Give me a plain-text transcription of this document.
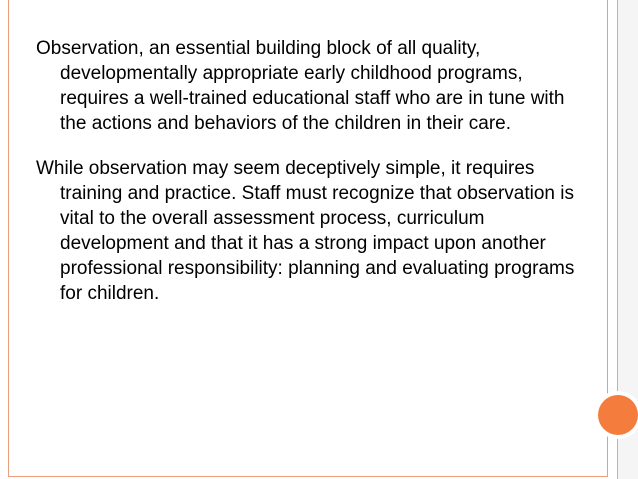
Observation, an essential building block of all quality, developmentally appropriate early childhood programs, requires a well-trained educational staff who are in tune with the actions and behaviors of the children in their care.

While observation may seem deceptively simple, it requires training and practice. Staff must recognize that observation is vital to the overall assessment process, curriculum development and that it has a strong impact upon another professional responsibility: planning and evaluating programs for children.
